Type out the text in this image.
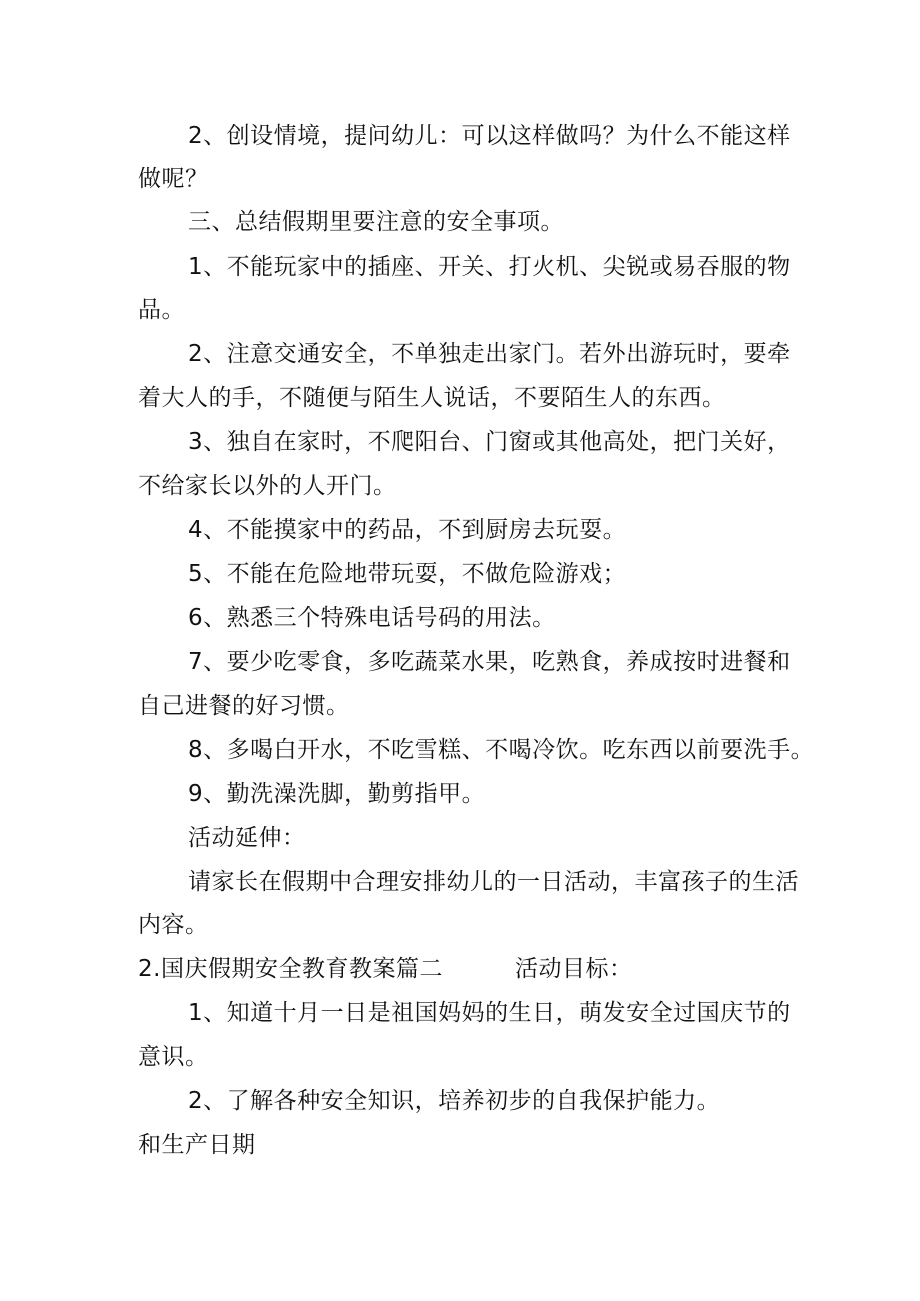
2、创设情境，提问幼儿：可以这样做吗？为什么不能这样
做呢？
三、总结假期里要注意的安全事项。
1、不能玩家中的插座、开关、打火机、尖锐或易吞服的物
品。
2、注意交通安全，不单独走出家门。若外出游玩时，要牵
着大人的手，不随便与陌生人说话，不要陌生人的东西。
3、独自在家时，不爬阳台、门窗或其他高处，把门关好，
不给家长以外的人开门。
4、不能摸家中的药品，不到厨房去玩耍。
5、不能在危险地带玩耍，不做危险游戏；
6、熟悉三个特殊电话号码的用法。
7、要少吃零食，多吃蔬菜水果，吃熟食，养成按时进餐和
自己进餐的好习惯。
8、多喝白开水，不吃雪糕、不喝冷饮。吃东西以前要洗手。
9、勤洗澡洗脚，勤剪指甲。
活动延伸：
请家长在假期中合理安排幼儿的一日活动，丰富孩子的生活
内容。
2.国庆假期安全教育教案篇二	活动目标：
1、知道十月一日是祖国妈妈的生日，萌发安全过国庆节的
意识。
2、了解各种安全知识，培养初步的自我保护能力。
和生产日期
